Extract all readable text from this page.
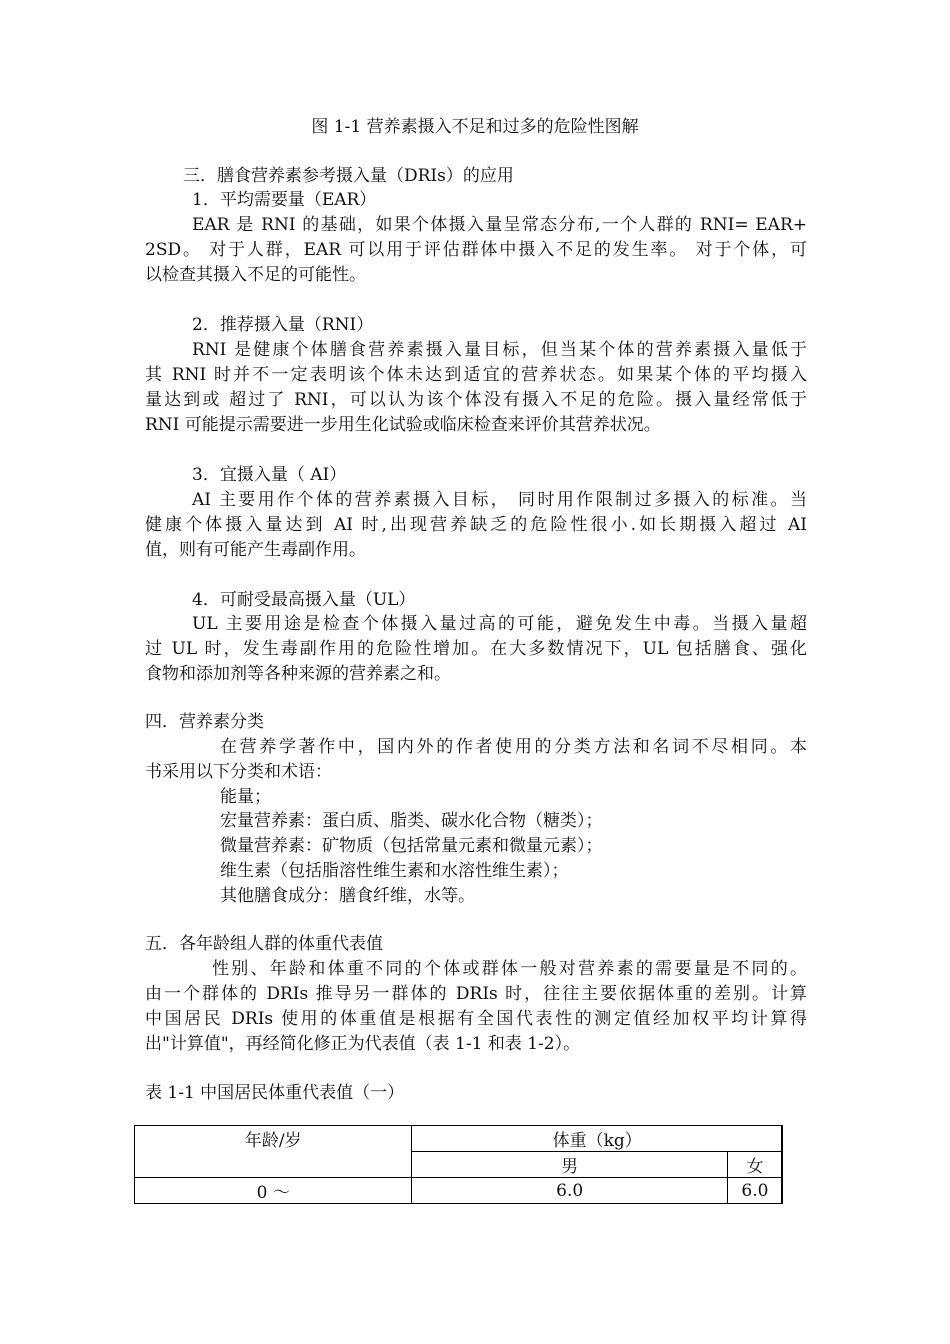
图 1-1 营养素摄入不足和过多的危险性图解

三．膳食营养素参考摄入量（DRIs）的应用

1．平均需要量（EAR）

EAR 是 RNI 的基础，如果个体摄入量呈常态分布,一个人群的 RNI= EAR+

2SD。 对于人群，EAR 可以用于评估群体中摄入不足的发生率。 对于个体，可

以检查其摄入不足的可能性。

2．推荐摄入量（RNI）

RNI 是健康个体膳食营养素摄入量目标，但当某个体的营养素摄入量低于

其 RNI 时并不一定表明该个体未达到适宜的营养状态。如果某个体的平均摄入

量达到或 超过了 RNI，可以认为该个体没有摄入不足的危险。摄入量经常低于

RNI 可能提示需要进一步用生化试验或临床检查来评价其营养状况。

3．宜摄入量（ AI）

AI 主要用作个体的营养素摄入目标， 同时用作限制过多摄入的标准。当

健康个体摄入量达到 AI 时,出现营养缺乏的危险性很小.如长期摄入超过 AI

值，则有可能产生毒副作用。

4．可耐受最高摄入量（UL）

UL 主要用途是检查个体摄入量过高的可能，避免发生中毒。当摄入量超

过 UL 时，发生毒副作用的危险性增加。在大多数情况下，UL 包括膳食、强化

食物和添加剂等各种来源的营养素之和。

四．营养素分类

在营养学著作中，国内外的作者使用的分类方法和名词不尽相同。本

书采用以下分类和术语：

能量；

宏量营养素：蛋白质、脂类、碳水化合物（糖类）；

微量营养素：矿物质（包括常量元素和微量元素）；

维生素（包括脂溶性维生素和水溶性维生素）；

其他膳食成分：膳食纤维，水等。

五．各年龄组人群的体重代表值

性别、年龄和体重不同的个体或群体一般对营养素的需要量是不同的。

由一个群体的 DRIs 推导另一群体的 DRIs 时，往往主要依据体重的差别。计算

中国居民 DRIs 使用的体重值是根据有全国代表性的测定值经加权平均计算得

出"计算值"，再经简化修正为代表值（表 1-1 和表 1-2）。

表 1-1 中国居民体重代表值（一）

年龄/岁	体重（kg）	
	男	女
0 ～	6.0	6.0
